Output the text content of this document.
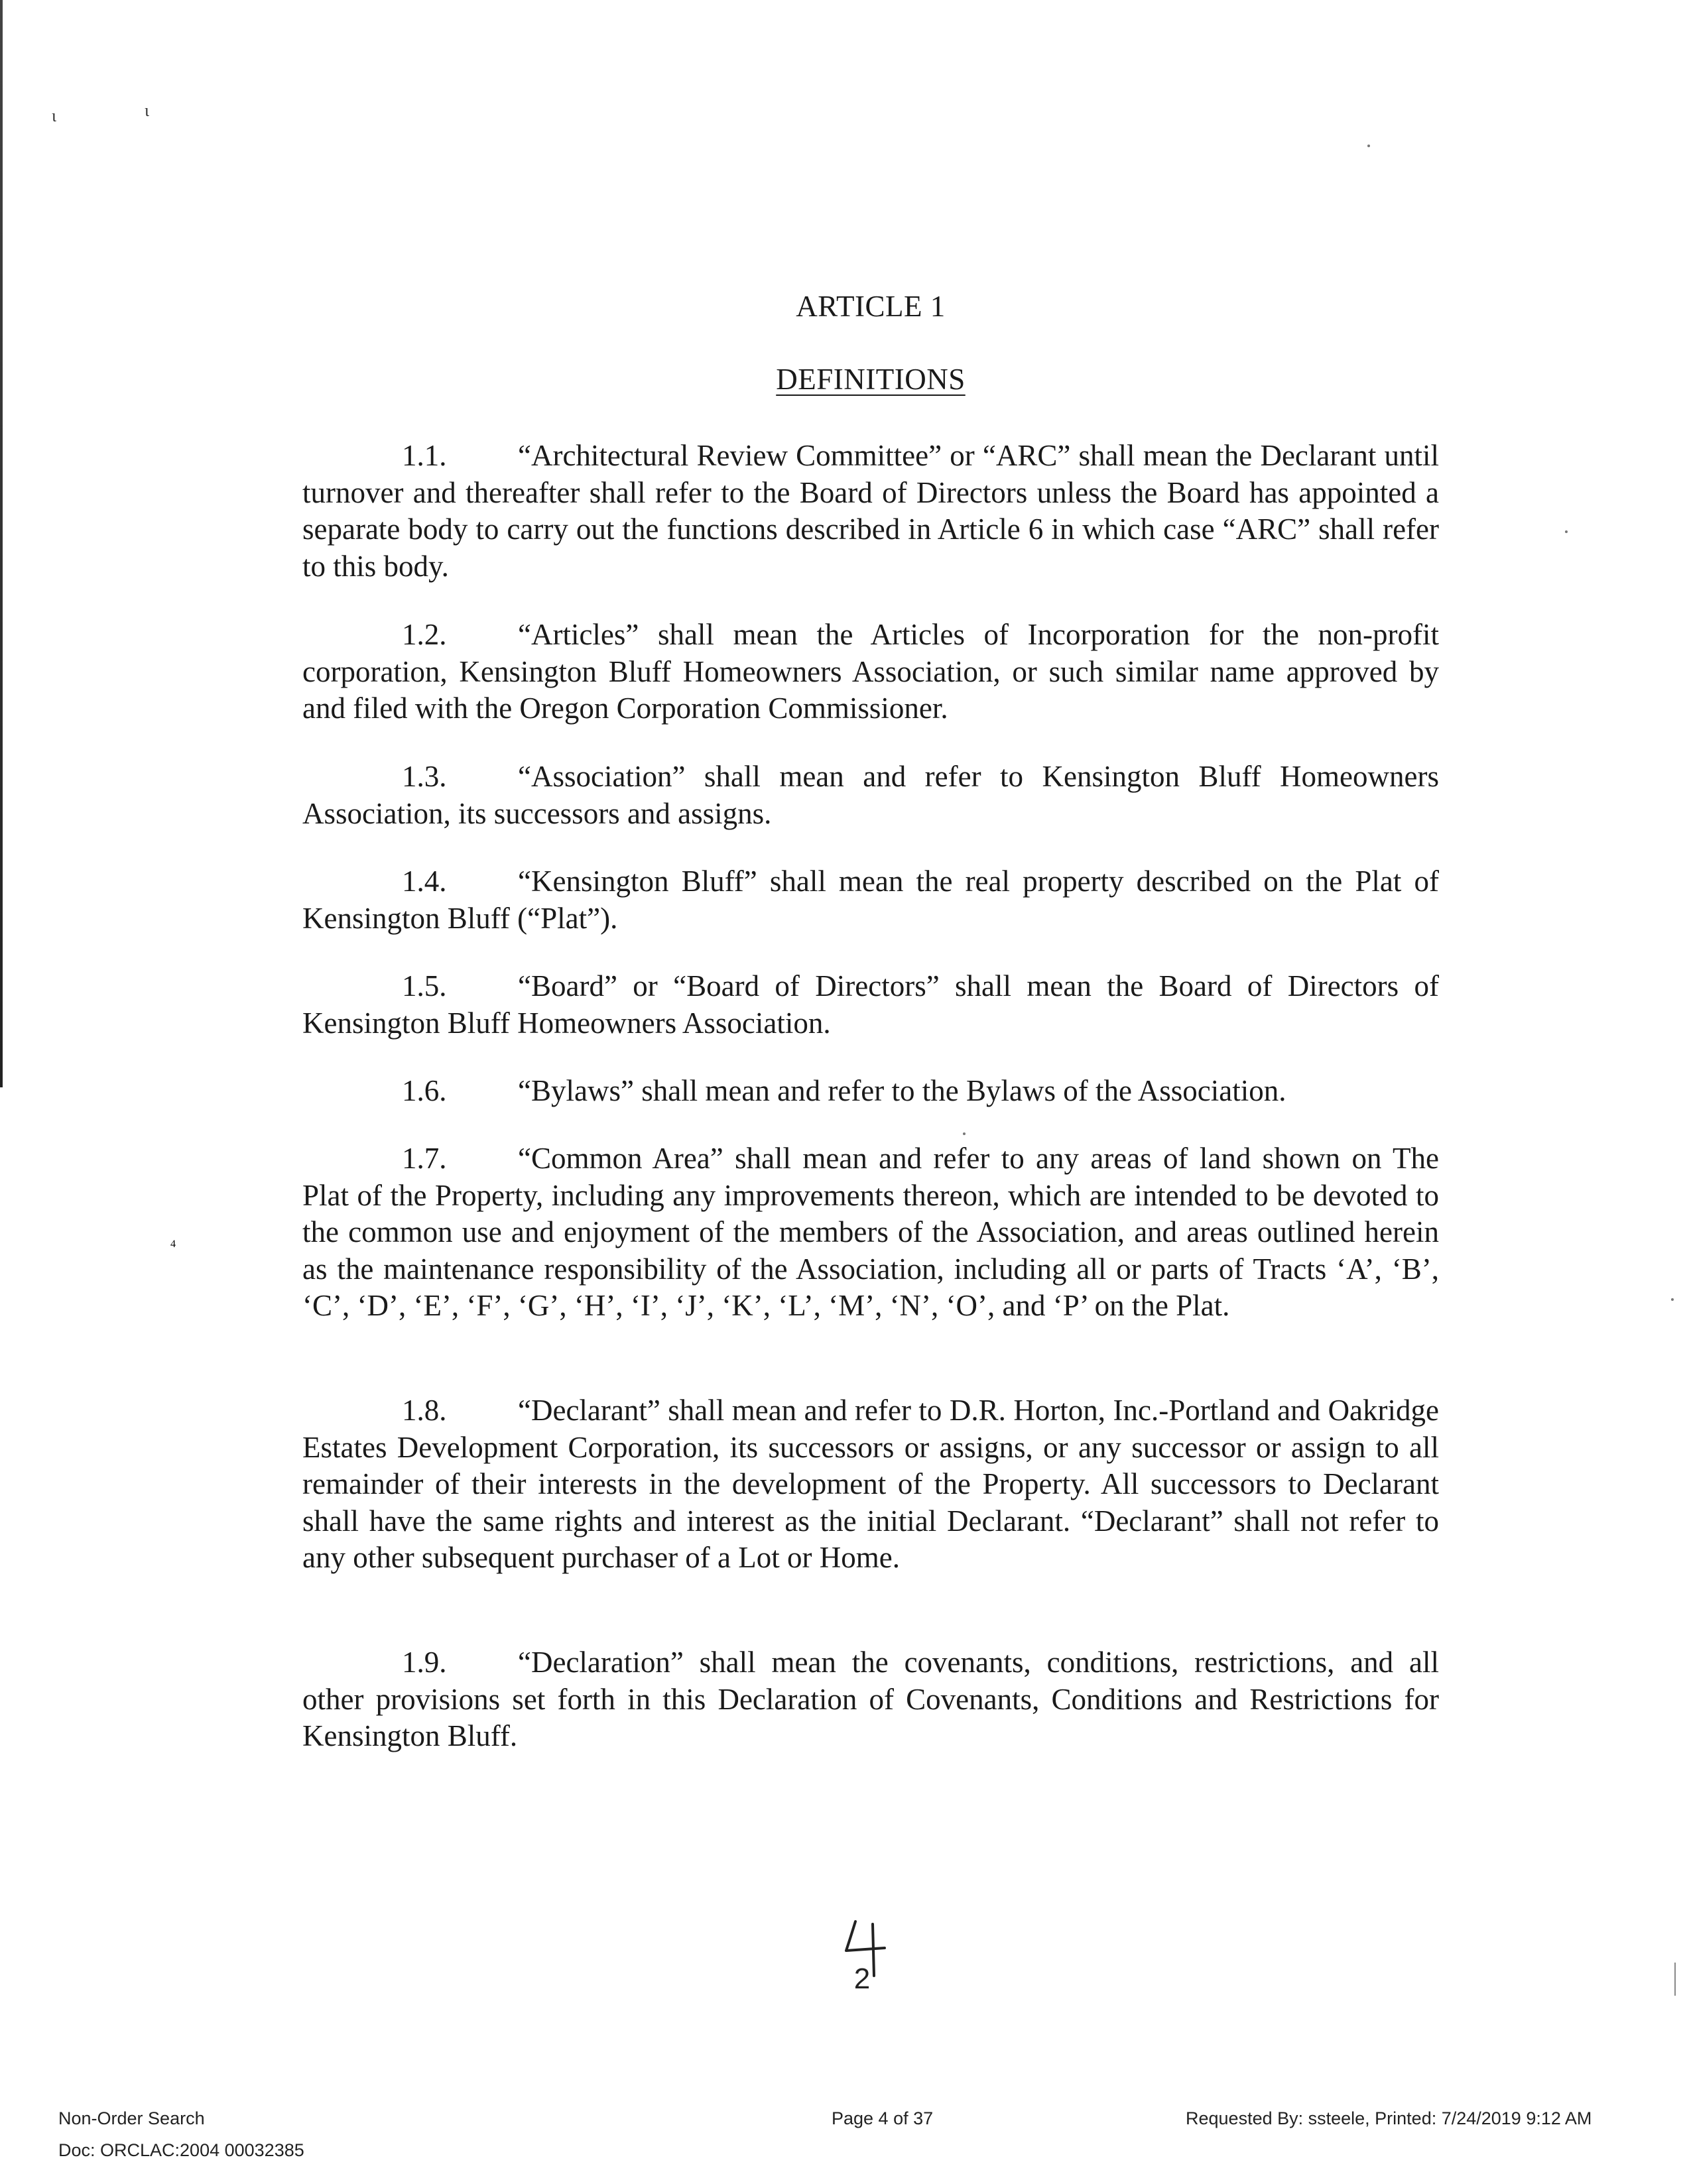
ɩ	ɩ
ARTICLE 1
DEFINITIONS
1.1. “Architectural Review Committee” or “ARC” shall mean the Declarant until turnover and thereafter shall refer to the Board of Directors unless the Board has appointed a separate body to carry out the functions described in Article 6 in which case “ARC” shall refer to this body.
1.2. “Articles” shall mean the Articles of Incorporation for the non-profit corporation, Kensington Bluff Homeowners Association, or such similar name approved by and filed with the Oregon Corporation Commissioner.
1.3. “Association” shall mean and refer to Kensington Bluff Homeowners Association, its successors and assigns.
1.4. “Kensington Bluff” shall mean the real property described on the Plat of Kensington Bluff (“Plat”).
1.5. “Board” or “Board of Directors” shall mean the Board of Directors of Kensington Bluff Homeowners Association.
1.6. “Bylaws” shall mean and refer to the Bylaws of the Association.
1.7. “Common Area” shall mean and refer to any areas of land shown on The Plat of the Property, including any improvements thereon, which are intended to be devoted to the common use and enjoyment of the members of the Association, and areas outlined herein as the maintenance responsibility of the Association, including all or parts of Tracts ‘A’, ‘B’, ‘C’, ‘D’, ‘E’, ‘F’, ‘G’, ‘H’, ‘I’, ‘J’, ‘K’, ‘L’, ‘M’, ‘N’, ‘O’, and ‘P’ on the Plat.
1.8. “Declarant” shall mean and refer to D.R. Horton, Inc.-Portland and Oakridge Estates Development Corporation, its successors or assigns, or any successor or assign to all remainder of their interests in the development of the Property. All successors to Declarant shall have the same rights and interest as the initial Declarant. “Declarant” shall not refer to any other subsequent purchaser of a Lot or Home.
1.9. “Declaration” shall mean the covenants, conditions, restrictions, and all other provisions set forth in this Declaration of Covenants, Conditions and Restrictions for Kensington Bluff.
4
2
Non-Order Search
Doc: ORCLAC:2004 00032385
Page 4 of 37	Requested By: ssteele, Printed: 7/24/2019 9:12 AM
